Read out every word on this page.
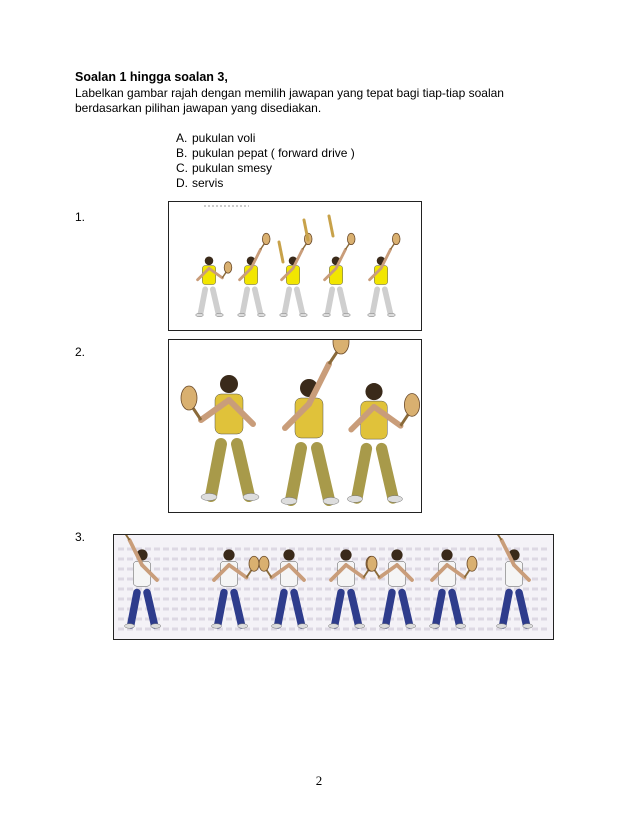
Soalan 1 hingga soalan 3,
Labelkan gambar rajah dengan memilih jawapan yang tepat bagi tiap-tiap soalan
berdasarkan pilihan jawapan yang disediakan.
A. pukulan voli
B. pukulan pepat ( forward drive )
C. pukulan smesy
D. servis
1.
2.
3.
2
